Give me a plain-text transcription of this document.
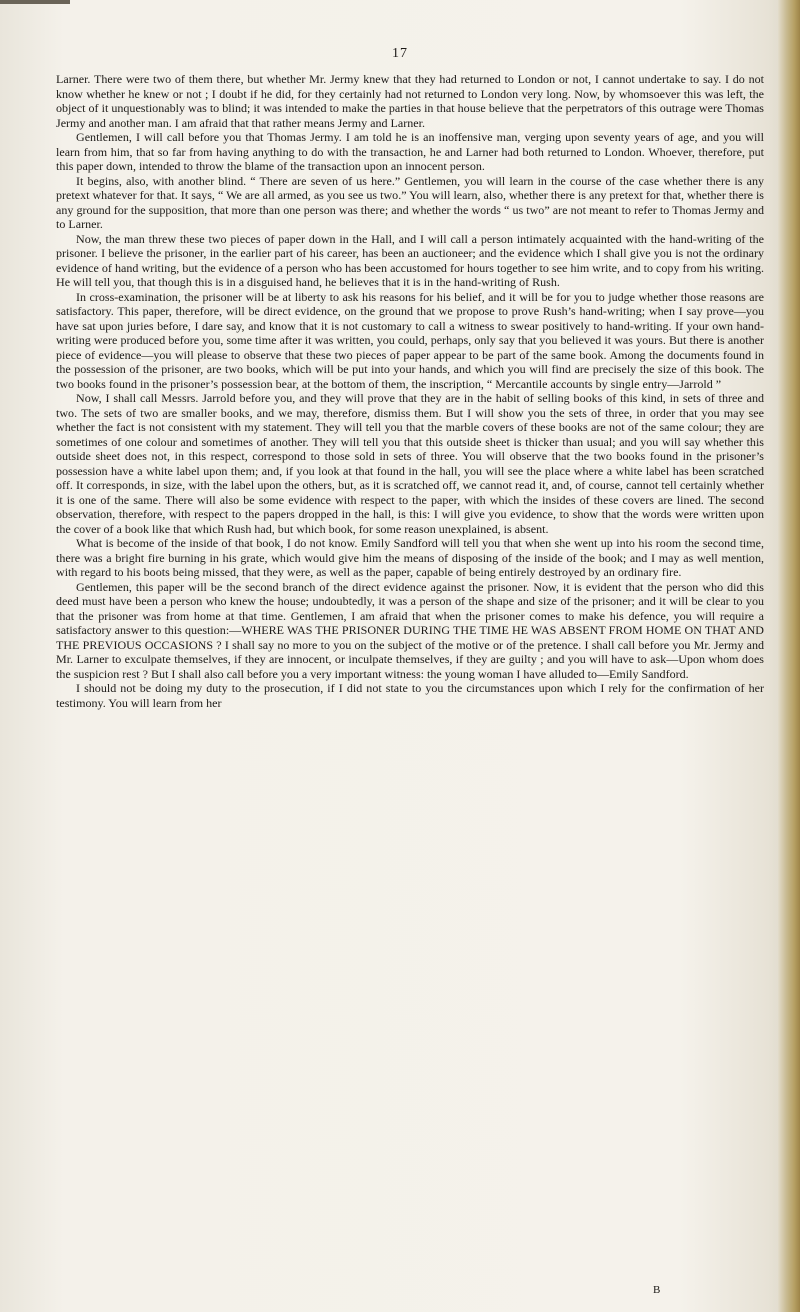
17

Larner. There were two of them there, but whether Mr. Jermy knew that they had returned to London or not, I cannot undertake to say. I do not know whether he knew or not ; I doubt if he did, for they certainly had not returned to London very long. Now, by whomsoever this was left, the object of it unquestionably was to blind; it was intended to make the parties in that house believe that the perpetrators of this outrage were Thomas Jermy and another man. I am afraid that that rather means Jermy and Larner.

Gentlemen, I will call before you that Thomas Jermy. I am told he is an inoffensive man, verging upon seventy years of age, and you will learn from him, that so far from having anything to do with the transaction, he and Larner had both returned to London. Whoever, therefore, put this paper down, intended to throw the blame of the transaction upon an innocent person.

It begins, also, with another blind. “ There are seven of us here.” Gentlemen, you will learn in the course of the case whether there is any pretext whatever for that. It says, “ We are all armed, as you see us two.” You will learn, also, whether there is any pretext for that, whether there is any ground for the supposition, that more than one person was there; and whether the words “ us two” are not meant to refer to Thomas Jermy and to Larner.

Now, the man threw these two pieces of paper down in the Hall, and I will call a person intimately acquainted with the hand-writing of the prisoner. I believe the prisoner, in the earlier part of his career, has been an auctioneer; and the evidence which I shall give you is not the ordinary evidence of hand writing, but the evidence of a person who has been accustomed for hours together to see him write, and to copy from his writing. He will tell you, that though this is in a disguised hand, he believes that it is in the hand-writing of Rush.

In cross-examination, the prisoner will be at liberty to ask his reasons for his belief, and it will be for you to judge whether those reasons are satisfactory. This paper, therefore, will be direct evidence, on the ground that we propose to prove Rush’s hand-writing; when I say prove—you have sat upon juries before, I dare say, and know that it is not customary to call a witness to swear positively to hand-writing. If your own hand-writing were produced before you, some time after it was written, you could, perhaps, only say that you believed it was yours. But there is another piece of evidence—you will please to observe that these two pieces of paper appear to be part of the same book. Among the documents found in the possession of the prisoner, are two books, which will be put into your hands, and which you will find are precisely the size of this book. The two books found in the prisoner’s possession bear, at the bottom of them, the inscription, “ Mercantile accounts by single entry—Jarrold ”

Now, I shall call Messrs. Jarrold before you, and they will prove that they are in the habit of selling books of this kind, in sets of three and two. The sets of two are smaller books, and we may, therefore, dismiss them. But I will show you the sets of three, in order that you may see whether the fact is not consistent with my statement. They will tell you that the marble covers of these books are not of the same colour; they are sometimes of one colour and sometimes of another. They will tell you that this outside sheet is thicker than usual; and you will say whether this outside sheet does not, in this respect, correspond to those sold in sets of three. You will observe that the two books found in the prisoner’s possession have a white label upon them; and, if you look at that found in the hall, you will see the place where a white label has been scratched off. It corresponds, in size, with the label upon the others, but, as it is scratched off, we cannot read it, and, of course, cannot tell certainly whether it is one of the same. There will also be some evidence with respect to the paper, with which the insides of these covers are lined. The second observation, therefore, with respect to the papers dropped in the hall, is this: I will give you evidence, to show that the words were written upon the cover of a book like that which Rush had, but which book, for some reason unexplained, is absent.

What is become of the inside of that book, I do not know. Emily Sandford will tell you that when she went up into his room the second time, there was a bright fire burning in his grate, which would give him the means of disposing of the inside of the book; and I may as well mention, with regard to his boots being missed, that they were, as well as the paper, capable of being entirely destroyed by an ordinary fire.

Gentlemen, this paper will be the second branch of the direct evidence against the prisoner. Now, it is evident that the person who did this deed must have been a person who knew the house; undoubtedly, it was a person of the shape and size of the prisoner; and it will be clear to you that the prisoner was from home at that time. Gentlemen, I am afraid that when the prisoner comes to make his defence, you will require a satisfactory answer to this question:—WHERE WAS THE PRISONER DURING THE TIME HE WAS ABSENT FROM HOME ON THAT AND THE PREVIOUS OCCASIONS ? I shall say no more to you on the subject of the motive or of the pretence. I shall call before you Mr. Jermy and Mr. Larner to exculpate themselves, if they are innocent, or inculpate themselves, if they are guilty ; and you will have to ask—Upon whom does the suspicion rest ? But I shall also call before you a very important witness: the young woman I have alluded to—Emily Sandford.

I should not be doing my duty to the prosecution, if I did not state to you the circumstances upon which I rely for the confirmation of her testimony. You will learn from her

B
